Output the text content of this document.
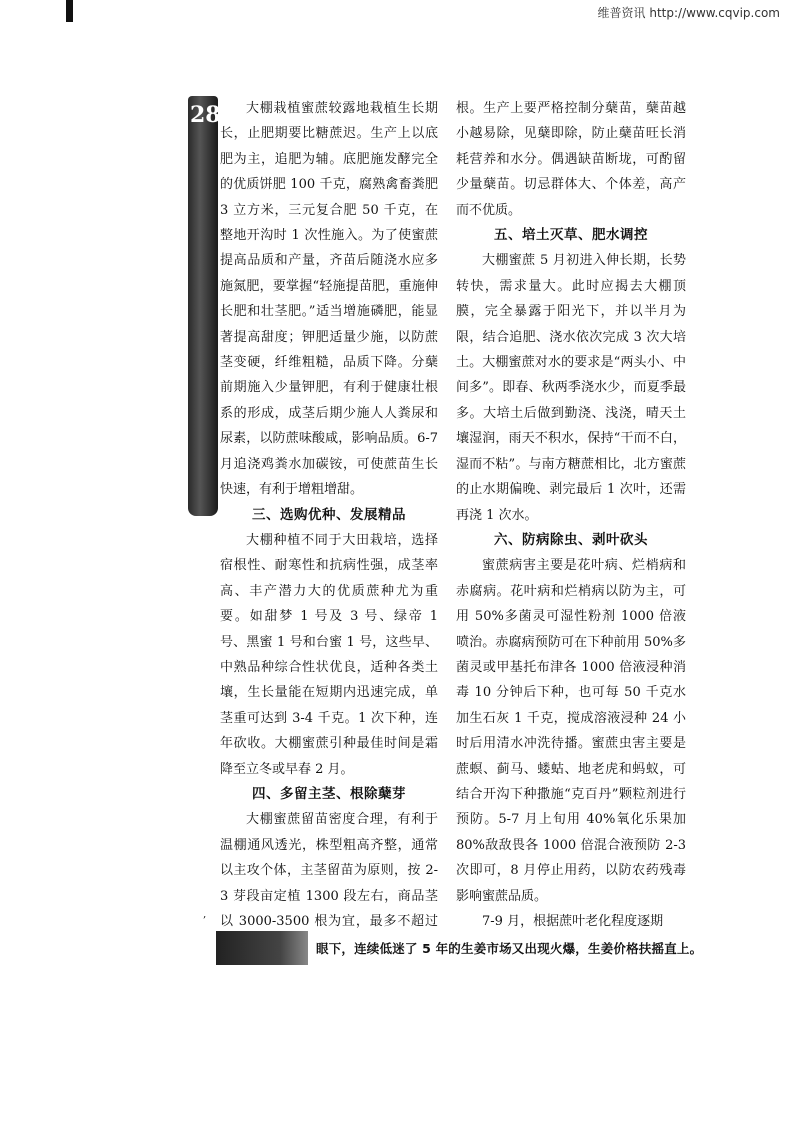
维普资讯 http://www.cqvip.com
28	大棚栽植蜜蔗较露地栽植生长期长，止肥期要比糖蔗迟。生产上以底肥为主，追肥为辅。底肥施发酵完全的优质饼肥 100 千克，腐熟禽畜粪肥 3 立方米，三元复合肥 50 千克，在整地开沟时 1 次性施入。为了使蜜蔗提高品质和产量，齐苗后随浇水应多施氮肥，要掌握“轻施提苗肥，重施伸长肥和壮茎肥。”适当增施磷肥，能显著提高甜度；钾肥适量少施，以防蔗茎变硬，纤维粗糙，品质下降。分蘖前期施入少量钾肥，有利于健康壮根系的形成，成茎后期少施人人粪尿和尿素，以防蔗味酸咸，影响品质。6-7 月追浇鸡粪水加碳铵，可使蔗苗生长快速，有利于增粗增甜。

三、选购优种、发展精品

大棚种植不同于大田栽培，选择宿根性、耐寒性和抗病性强，成茎率高、丰产潜力大的优质蔗种尤为重要。如甜梦 1 号及 3 号、绿帝 1 号、黑蜜 1 号和台蜜 1 号，这些早、中熟品种综合性状优良，适种各类土壤，生长量能在短期内迅速完成，单茎重可达到 3-4 千克。1 次下种，连年砍收。大棚蜜蔗引种最佳时间是霜降至立冬或早春 2 月。

四、多留主茎、根除蘖芽

大棚蜜蔗留苗密度合理，有利于温棚通风透光，株型粗高齐整，通常以主攻个体，主茎留苗为原则，按 2-3 芽段亩定植 1300 段左右，商品茎以 3000-3500 根为宜，最多不超过

根。生产上要严格控制分蘖苗，蘖苗越小越易除，见蘖即除，防止蘖苗旺长消耗营养和水分。偶遇缺苗断垅，可酌留少量蘖苗。切忌群体大、个体差，高产而不优质。

五、培土灭草、肥水调控

大棚蜜蔗 5 月初进入伸长期，长势转快，需求量大。此时应揭去大棚顶膜，完全暴露于阳光下，并以半月为限，结合追肥、浇水依次完成 3 次大培土。大棚蜜蔗对水的要求是“两头小、中间多”。即春、秋两季浇水少，而夏季最多。大培土后做到勤浇、浅浇，晴天土壤湿润，雨天不积水，保持“干而不白，湿而不粘”。与南方糖蔗相比，北方蜜蔗的止水期偏晚、剥完最后 1 次叶，还需再浇 1 次水。

六、防病除虫、剥叶砍头

蜜蔗病害主要是花叶病、烂梢病和赤腐病。花叶病和烂梢病以防为主，可用 50%多菌灵可湿性粉剂 1000 倍液喷治。赤腐病预防可在下种前用 50%多菌灵或甲基托布津各 1000 倍液浸种消毒 10 分钟后下种，也可每 50 千克水加生石灰 1 千克，搅成溶液浸种 24 小时后用清水冲洗待播。蜜蔗虫害主要是蔗螟、蓟马、蝼蛄、地老虎和蚂蚁，可结合开沟下种撒施“克百丹”颗粒剂进行预防。5-7 月上旬用 40%氧化乐果加 80%敌敌畏各 1000 倍混合液预防 2-3 次即可，8 月停止用药，以防农药残毒影响蜜蔗品质。

7-9 月，根据蔗叶老化程度逐期

‚
眼下，连续低迷了 5 年的生姜市场又出现火爆，生姜价格扶摇直上。
